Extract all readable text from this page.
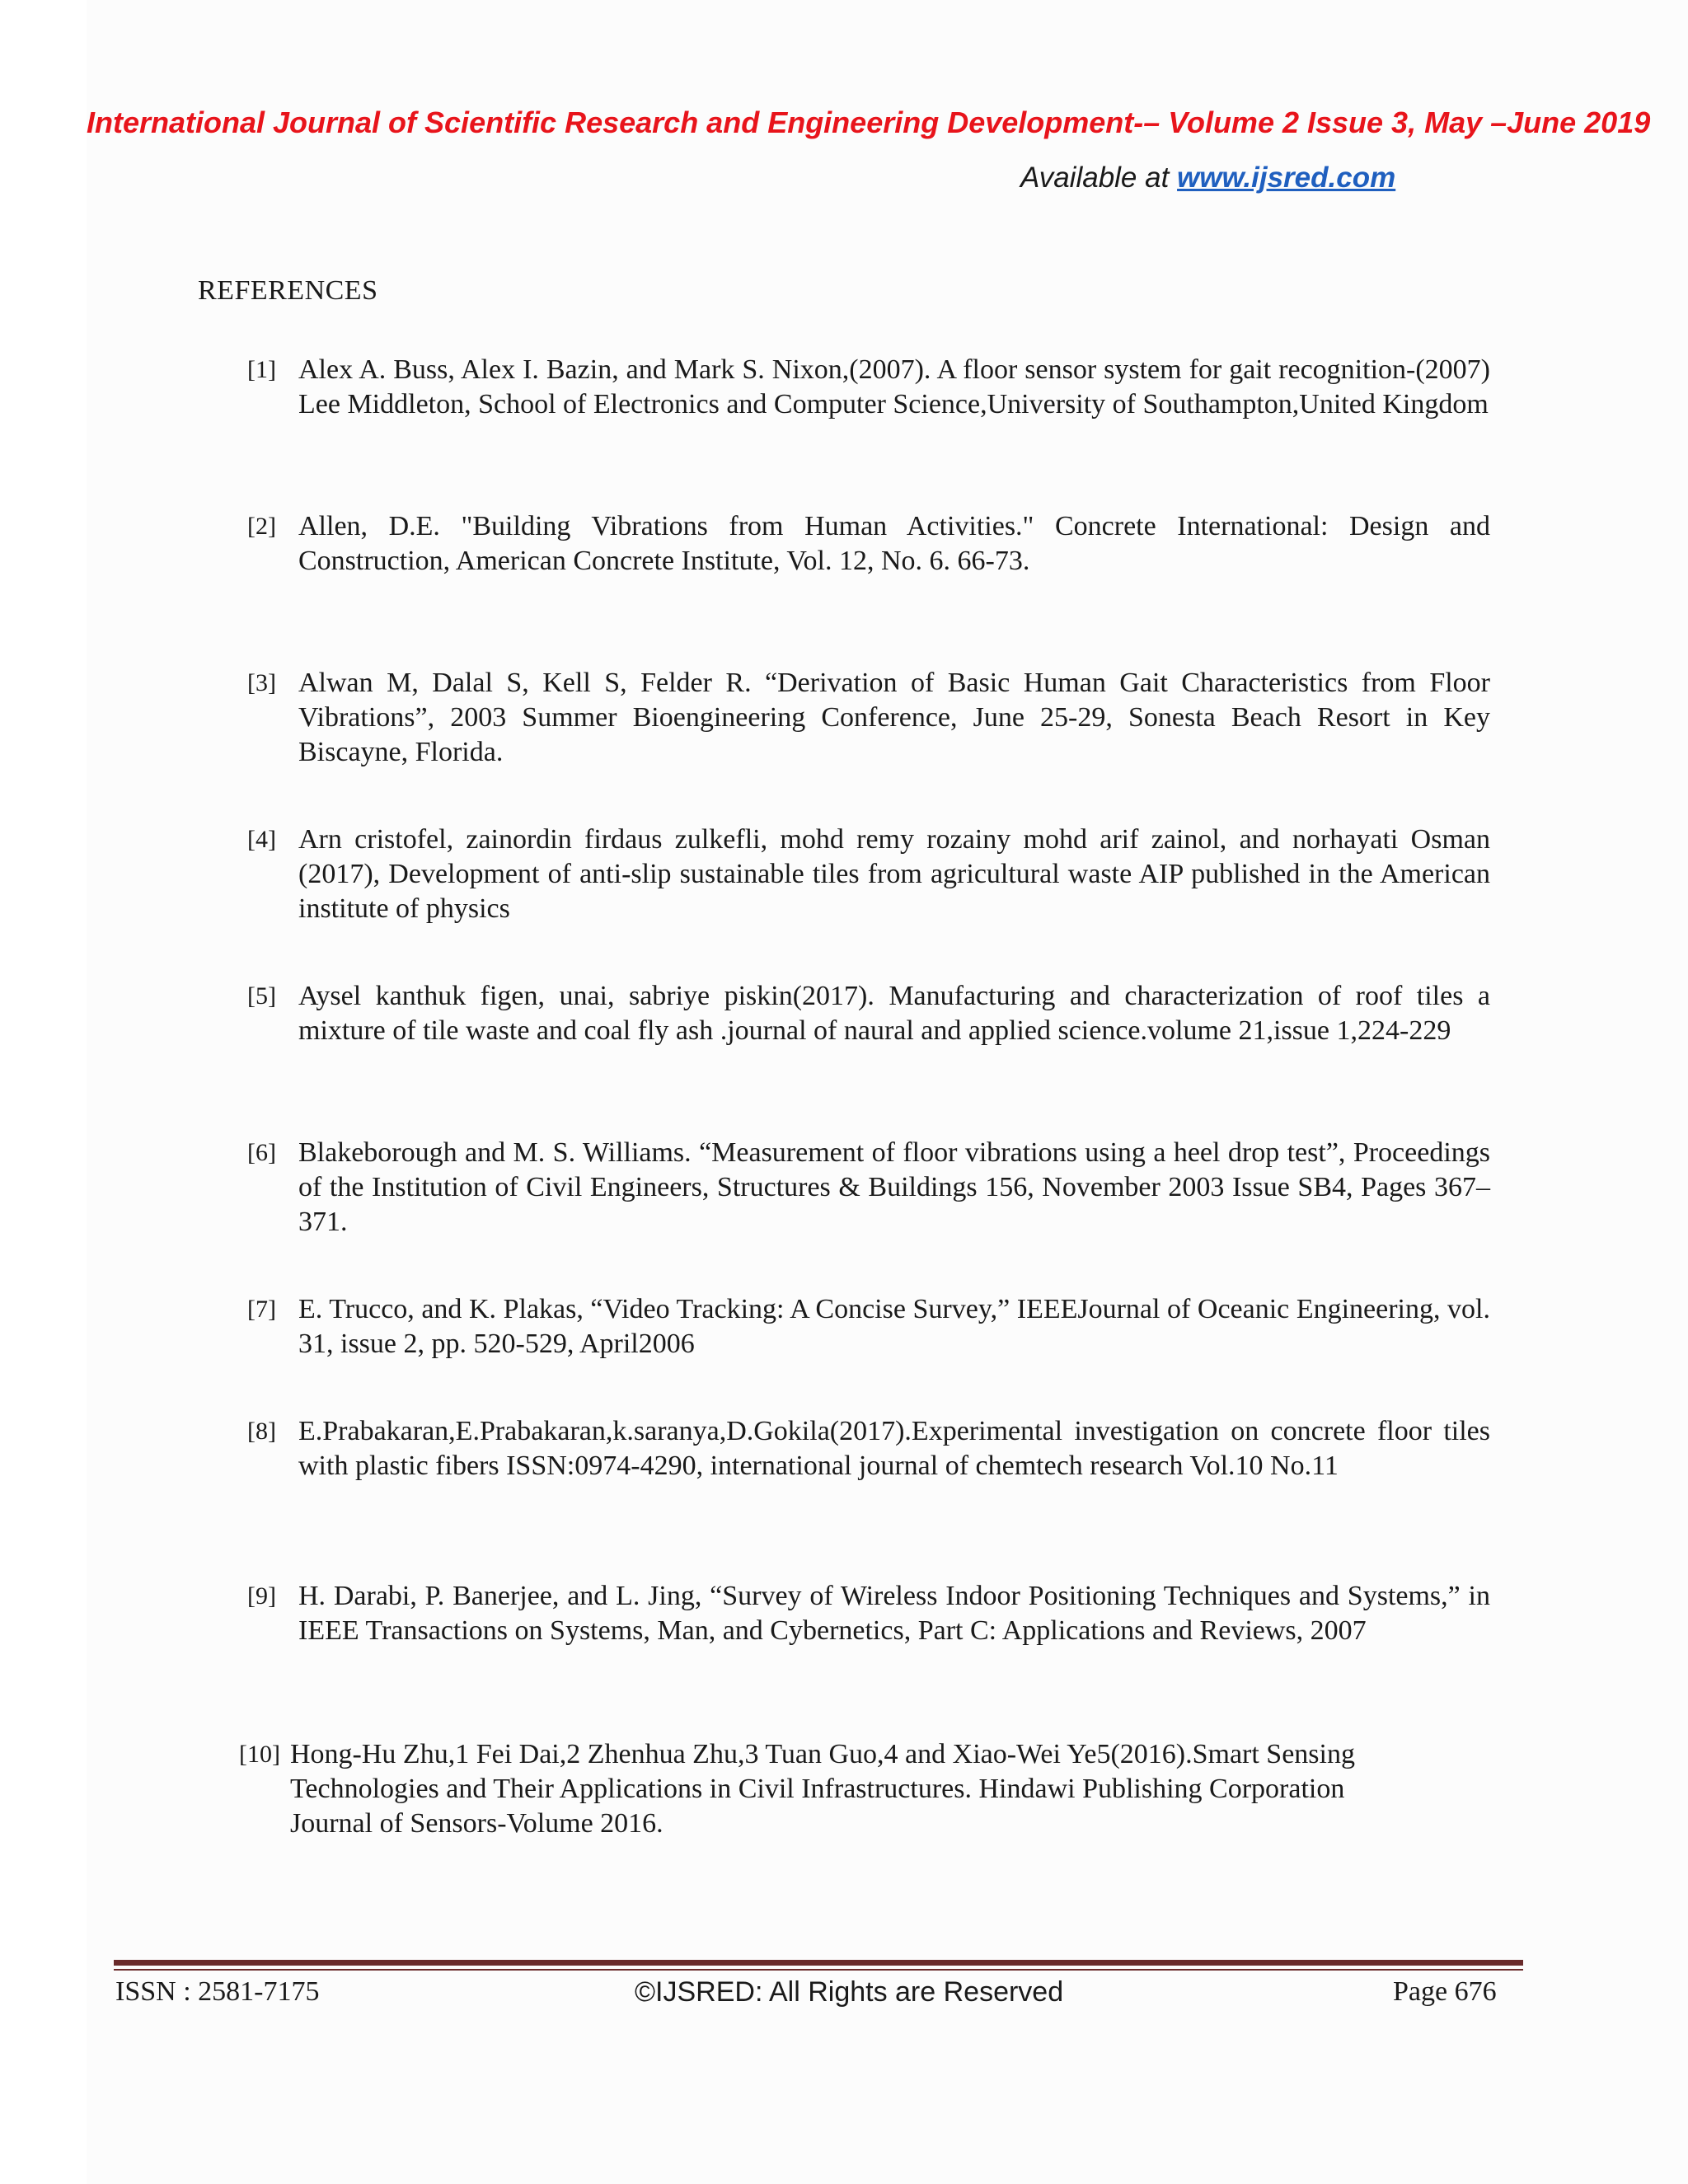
International Journal of Scientific Research and Engineering Development-– Volume 2 Issue 3, May –June 2019
Available at www.ijsred.com
REFERENCES
[1] Alex A. Buss, Alex I. Bazin, and Mark S. Nixon,(2007). A floor sensor system for gait recognition-(2007) Lee Middleton, School of Electronics and Computer Science,University of Southampton,United Kingdom
[2] Allen, D.E. "Building Vibrations from Human Activities." Concrete International: Design and Construction, American Concrete Institute, Vol. 12, No. 6. 66-73.
[3] Alwan M, Dalal S, Kell S, Felder R. “Derivation of Basic Human Gait Characteristics from Floor Vibrations”, 2003 Summer Bioengineering Conference, June 25-29, Sonesta Beach Resort in Key Biscayne, Florida.
[4] Arn cristofel, zainordin firdaus zulkefli, mohd remy rozainy mohd arif zainol, and norhayati Osman (2017), Development of anti-slip sustainable tiles from agricultural waste AIP published in the American institute of physics
[5] Aysel kanthuk figen, unai, sabriye piskin(2017). Manufacturing and characterization of roof tiles a mixture of tile waste and coal fly ash .journal of naural and applied science.volume 21,issue 1,224-229
[6] Blakeborough and M. S. Williams. “Measurement of floor vibrations using a heel drop test”, Proceedings of the Institution of Civil Engineers, Structures & Buildings 156, November 2003 Issue SB4, Pages 367–371.
[7] E. Trucco, and K. Plakas, “Video Tracking: A Concise Survey,” IEEEJournal of Oceanic Engineering, vol. 31, issue 2, pp. 520-529, April2006
[8] E.Prabakaran,E.Prabakaran,k.saranya,D.Gokila(2017).Experimental investigation on concrete floor tiles with plastic fibers ISSN:0974-4290, international journal of chemtech research Vol.10 No.11
[9] H. Darabi, P. Banerjee, and L. Jing, “Survey of Wireless Indoor Positioning Techniques and Systems,” in IEEE Transactions on Systems, Man, and Cybernetics, Part C: Applications and Reviews, 2007
[10] Hong-Hu Zhu,1 Fei Dai,2 Zhenhua Zhu,3 Tuan Guo,4 and Xiao-Wei Ye5(2016).Smart Sensing Technologies and Their Applications in Civil Infrastructures. Hindawi Publishing Corporation Journal of Sensors-Volume 2016.
ISSN : 2581-7175	©IJSRED: All Rights are Reserved	Page 676
